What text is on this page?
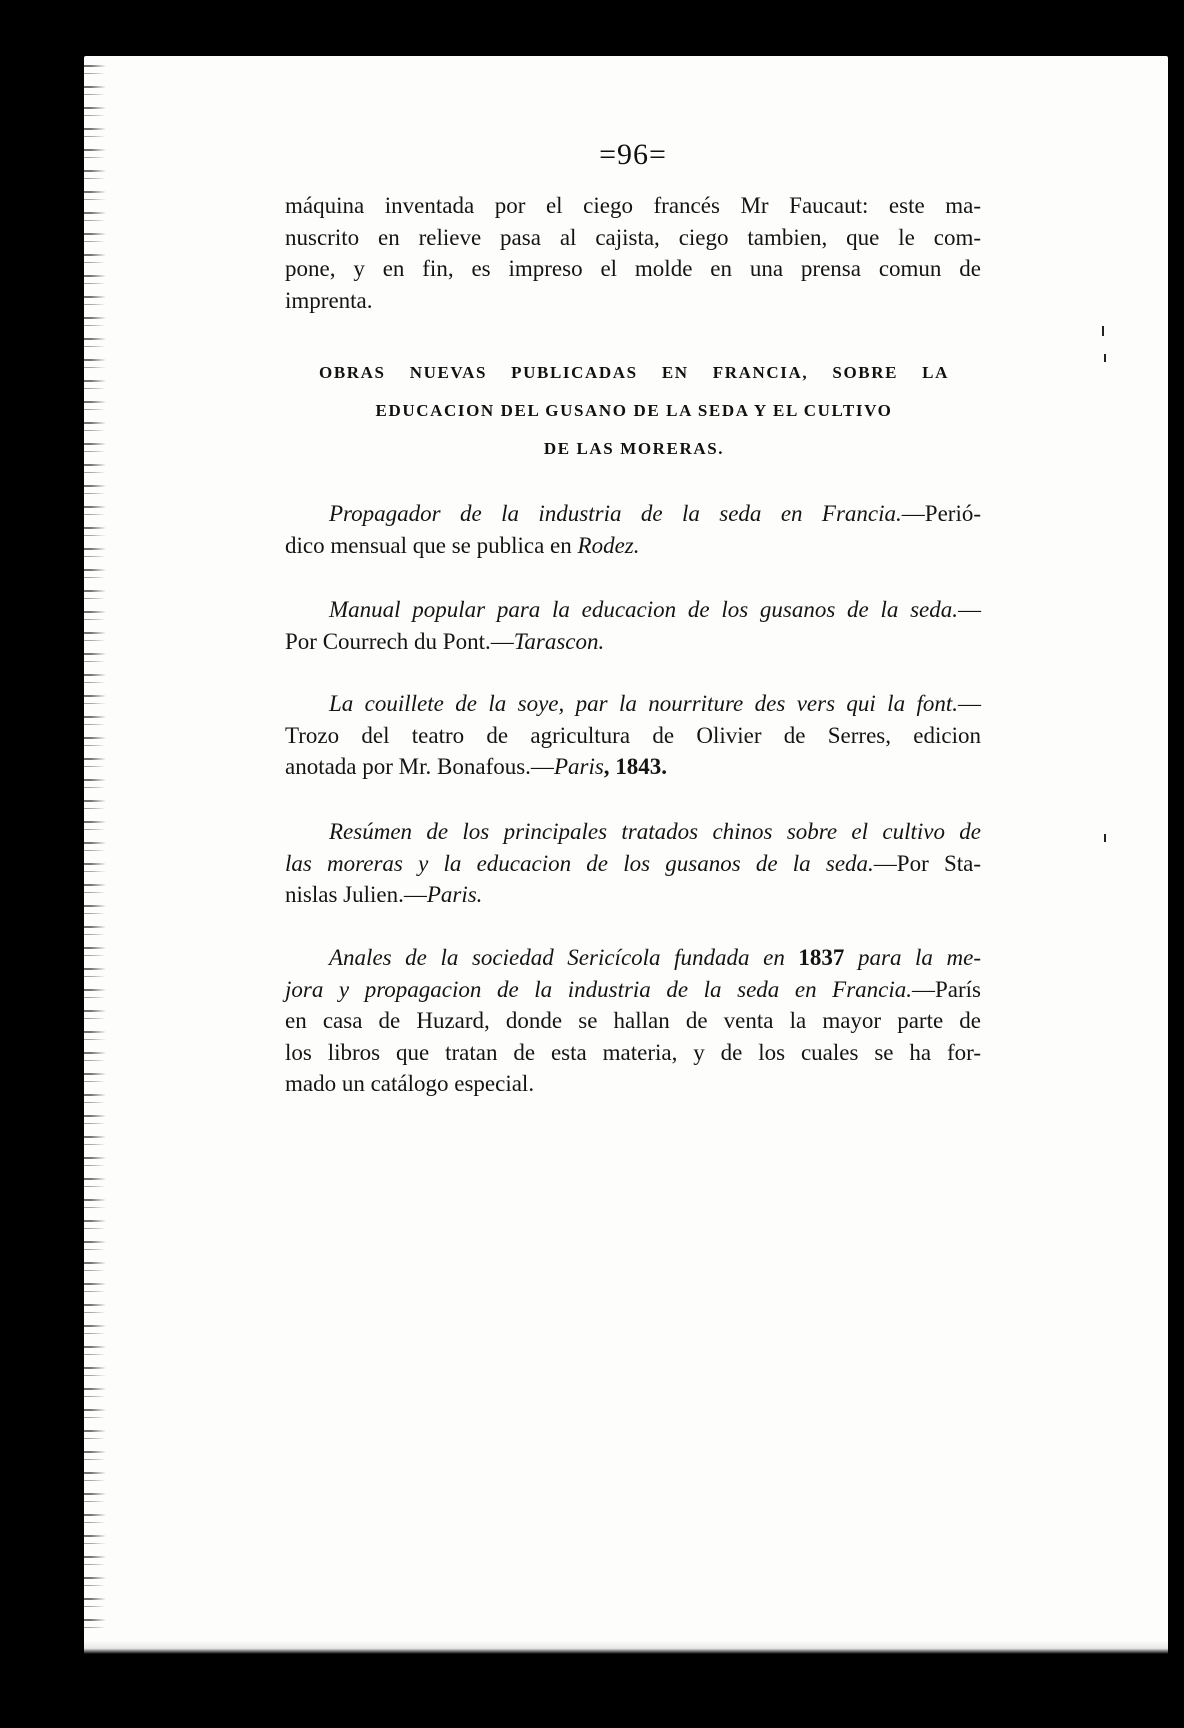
=96=
máquina inventada por el ciego francés Mr Faucaut: este ma-
nuscrito en relieve pasa al cajista, ciego tambien, que le com-
pone, y en fin, es impreso el molde en una prensa comun de
imprenta.
OBRAS NUEVAS PUBLICADAS EN FRANCIA, SOBRE LA
EDUCACION DEL GUSANO DE LA SEDA Y EL CULTIVO
DE LAS MORERAS.
Propagador de la industria de la seda en Francia.—Perió-
dico mensual que se publica en Rodez.
Manual popular para la educacion de los gusanos de la seda.—
Por Courrech du Pont.—Tarascon.
La couillete de la soye, par la nourriture des vers qui la font.—
Trozo del teatro de agricultura de Olivier de Serres, edicion
anotada por Mr. Bonafous.—Paris, 1843.
Resúmen de los principales tratados chinos sobre el cultivo de
las moreras y la educacion de los gusanos de la seda.—Por Sta-
nislas Julien.—Paris.
Anales de la sociedad Sericícola fundada en 1837 para la me-
jora y propagacion de la industria de la seda en Francia.—París
en casa de Huzard, donde se hallan de venta la mayor parte de
los libros que tratan de esta materia, y de los cuales se ha for-
mado un catálogo especial.
